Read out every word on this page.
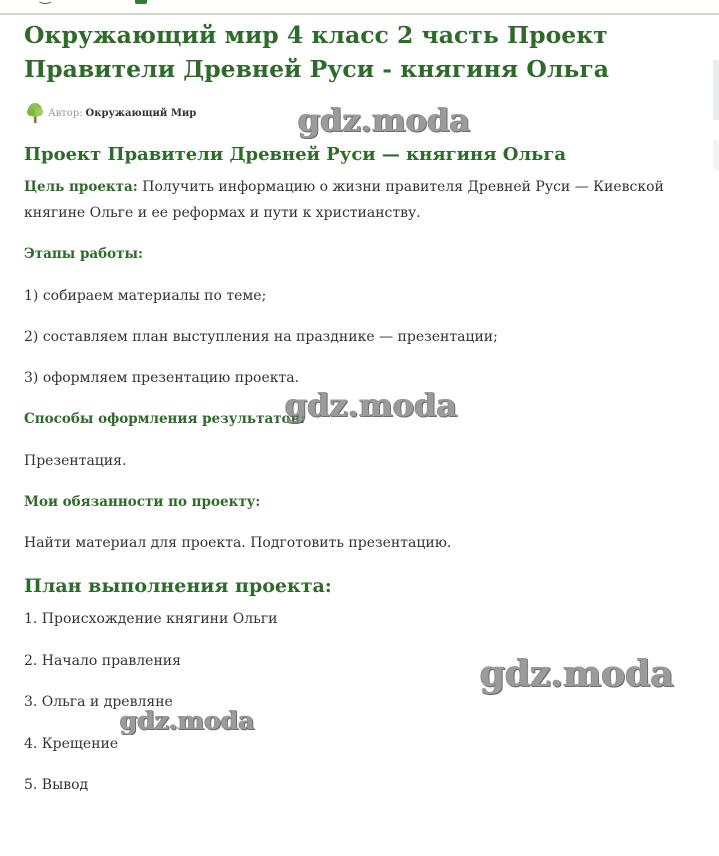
Окружающий мир 4 класс 2 часть Проект Правители Древней Руси - княгиня Ольга
Автор: Окружающий Мир
Проект Правители Древней Руси — княгиня Ольга

Цель проекта: Получить информацию о жизни правителя Древней Руси — Киевской княгине Ольге и ее реформах и пути к христианству.

Этапы работы:

1) собираем материалы по теме;

2) составляем план выступления на празднике — презентации;

3) оформляем презентацию проекта.

Способы оформления результатов:

Презентация.

Мои обязанности по проекту:

Найти материал для проекта. Подготовить презентацию.

План выполнения проекта:

1. Происхождение княгини Ольги

2. Начало правления

3. Ольга и древляне

4. Крещение

5. Вывод

gdz.moda
gdz.moda
gdz.moda
gdz.moda
